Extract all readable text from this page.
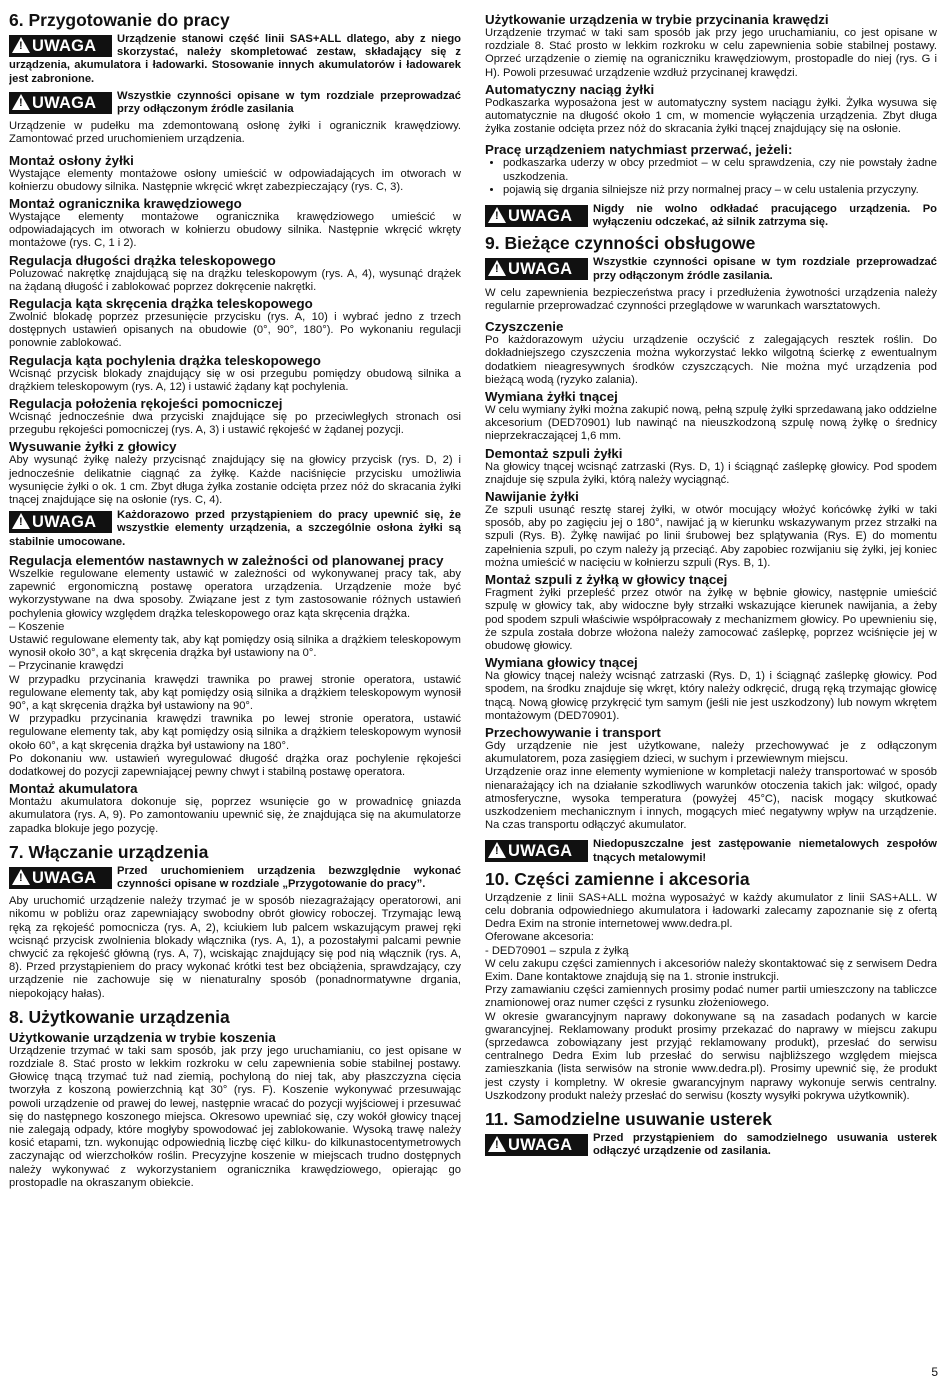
6. Przygotowanie do pracy
!
UWAGA	Urządzenie stanowi część linii SAS+ALL dlatego, aby z niego skorzystać, należy skompletować zestaw, składający się z urządzenia, akumulatora i ładowarki. Stosowanie innych akumulatorów i ładowarek jest zabronione.

!
UWAGA	Wszystkie czynności opisane w tym rozdziale przeprowadzać przy odłączonym źródle zasilania

Urządzenie w pudełku ma zdemontowaną osłonę żyłki i ogranicznik krawędziowy. Zamontować przed uruchomieniem urządzenia.

Montaż osłony żyłki

Wystające elementy montażowe osłony umieścić w odpowiadających im otworach w kołnierzu obudowy silnika. Następnie wkręcić wkręt zabezpieczający (rys. C, 3).

Montaż ogranicznika krawędziowego

Wystające elementy montażowe ogranicznika krawędziowego umieścić w odpowiadających im otworach w kołnierzu obudowy silnika. Następnie wkręcić wkręty montażowe (rys. C, 1 i 2).

Regulacja długości drążka teleskopowego

Poluzować nakrętkę znajdującą się na drążku teleskopowym (rys. A, 4), wysunąć drążek na żądaną długość i zablokować poprzez dokręcenie nakrętki.

Regulacja kąta skręcenia drążka teleskopowego

Zwolnić blokadę poprzez przesunięcie przycisku (rys. A, 10) i wybrać jedno z trzech dostępnych ustawień opisanych na obudowie (0°, 90°, 180°). Po wykonaniu regulacji ponownie zablokować.

Regulacja kąta pochylenia drążka teleskopowego

Wcisnąć przycisk blokady znajdujący się w osi przegubu pomiędzy obudową silnika a drążkiem teleskopowym (rys. A, 12) i ustawić żądany kąt pochylenia.

Regulacja położenia rękojeści pomocniczej

Wcisnąć jednocześnie dwa przyciski znajdujące się po przeciwległych stronach osi przegubu rękojeści pomocniczej (rys. A, 3) i ustawić rękojeść w żądanej pozycji.

Wysuwanie żyłki z głowicy

Aby wysunąć żyłkę należy przycisnąć znajdujący się na głowicy przycisk (rys. D, 2) i jednocześnie delikatnie ciągnąć za żyłkę. Każde naciśnięcie przycisku umożliwia wysunięcie żyłki o ok. 1 cm. Zbyt długa żyłka zostanie odcięta przez nóż do skracania żyłki tnącej znajdujące się na osłonie (rys. C, 4).

!
UWAGA	Każdorazowo przed przystąpieniem do pracy upewnić się, że wszystkie elementy urządzenia, a szczególnie osłona żyłki są stabilnie umocowane.

Regulacja elementów nastawnych w zależności od planowanej pracy

Wszelkie regulowane elementy ustawić w zależności od wykonywanej pracy tak, aby zapewnić ergonomiczną postawę operatora urządzenia. Urządzenie może być wykorzystywane na dwa sposoby. Związane jest z tym zastosowanie różnych ustawień pochylenia głowicy względem drążka teleskopowego oraz kąta skręcenia drążka.

– Koszenie

Ustawić regulowane elementy tak, aby kąt pomiędzy osią silnika a drążkiem teleskopowym wynosił około 30°, a kąt skręcenia drążka był ustawiony na 0°.

– Przycinanie krawędzi

W przypadku przycinania krawędzi trawnika po prawej stronie operatora, ustawić regulowane elementy tak, aby kąt pomiędzy osią silnika a drążkiem teleskopowym wynosił 90°, a kąt skręcenia drążka był ustawiony na 90°.

W przypadku przycinania krawędzi trawnika po lewej stronie operatora, ustawić regulowane elementy tak, aby kąt pomiędzy osią silnika a drążkiem teleskopowym wynosił około 60°, a kąt skręcenia drążka był ustawiony na 180°.

Po dokonaniu ww. ustawień wyregulować długość drążka oraz pochylenie rękojeści dodatkowej do pozycji zapewniającej pewny chwyt i stabilną postawę operatora.

Montaż akumulatora

Montażu akumulatora dokonuje się, poprzez wsunięcie go w prowadnicę gniazda akumulatora (rys. A, 9). Po zamontowaniu upewnić się, że znajdująca się na akumulatorze zapadka blokuje jego pozycję.

7. Włączanie urządzenia
!
UWAGA	Przed uruchomieniem urządzenia bezwzględnie wykonać czynności opisane w rozdziale „Przygotowanie do pracy”.

Aby uruchomić urządzenie należy trzymać je w sposób niezagrażający operatorowi, ani nikomu w pobliżu oraz zapewniający swobodny obrót głowicy roboczej. Trzymając lewą ręką za rękojeść pomocnicza (rys. A, 2), kciukiem lub palcem wskazującym prawej ręki wcisnąć przycisk zwolnienia blokady włącznika (rys. A, 1), a pozostałymi palcami pewnie chwycić za rękojeść główną (rys. A, 7), wciskając znajdujący się pod nią włącznik (rys. A, 8). Przed przystąpieniem do pracy wykonać krótki test bez obciążenia, sprawdzający, czy urządzenie nie zachowuje się w nienaturalny sposób (ponadnormatywne drgania, niepokojący hałas).

8. Użytkowanie urządzenia
Użytkowanie urządzenia w trybie koszenia

Urządzenie trzymać w taki sam sposób, jak przy jego uruchamianiu, co jest opisane w rozdziale 8. Stać prosto w lekkim rozkroku w celu zapewnienia sobie stabilnej postawy. Głowicę tnącą trzymać tuż nad ziemią, pochyloną do niej tak, aby płaszczyzna cięcia tworzyła z koszoną powierzchnią kąt 30° (rys. F). Koszenie wykonywać przesuwając powoli urządzenie od prawej do lewej, następnie wracać do pozycji wyjściowej i przesuwać się do następnego koszonego miejsca. Okresowo upewniać się, czy wokół głowicy tnącej nie zalegają odpady, które mogłyby spowodować jej zablokowanie. Wysoką trawę należy kosić etapami, tzn. wykonując odpowiednią liczbę cięć kilku- do kilkunastocentymetrowych zaczynając od wierzchołków roślin. Precyzyjne koszenie w miejscach trudno dostępnych należy wykonywać z wykorzystaniem ogranicznika krawędziowego, opierając go prostopadle na okraszanym obiekcie.

Użytkowanie urządzenia w trybie przycinania krawędzi

Urządzenie trzymać w taki sam sposób jak przy jego uruchamianiu, co jest opisane w rozdziale 8. Stać prosto w lekkim rozkroku w celu zapewnienia sobie stabilnej postawy. Oprzeć urządzenie o ziemię na ograniczniku krawędziowym, prostopadle do niej (rys. G i H). Powoli przesuwać urządzenie wzdłuż przycinanej krawędzi.

Automatyczny naciąg żyłki

Podkaszarka wyposażona jest w automatyczny system naciągu żyłki. Żyłka wysuwa się automatycznie na długość około 1 cm, w momencie wyłączenia urządzenia. Zbyt długa żyłka zostanie odcięta przez nóż do skracania żyłki tnącej znajdujący się na osłonie.

Pracę urządzeniem natychmiast przerwać, jeżeli:
• podkaszarka uderzy w obcy przedmiot – w celu sprawdzenia, czy nie powstały żadne uszkodzenia.
• pojawią się drgania silniejsze niż przy normalnej pracy – w celu ustalenia przyczyny.
!
UWAGA	Nigdy nie wolno odkładać pracującego urządzenia. Po wyłączeniu odczekać, aż silnik zatrzyma się.

9. Bieżące czynności obsługowe
!
UWAGA	Wszystkie czynności opisane w tym rozdziale przeprowadzać przy odłączonym źródle zasilania.

W celu zapewnienia bezpieczeństwa pracy i przedłużenia żywotności urządzenia należy regularnie przeprowadzać czynności przeglądowe w warunkach warsztatowych.

Czyszczenie

Po każdorazowym użyciu urządzenie oczyścić z zalegających resztek roślin. Do dokładniejszego czyszczenia można wykorzystać lekko wilgotną ścierkę z ewentualnym dodatkiem nieagresywnych środków czyszczących. Nie można myć urządzenia pod bieżącą wodą (ryzyko zalania).

Wymiana żyłki tnącej

W celu wymiany żyłki można zakupić nową, pełną szpulę żyłki sprzedawaną jako oddzielne akcesorium (DED70901) lub nawinąć na nieuszkodzoną szpulę nową żyłkę o średnicy nieprzekraczającej 1,6 mm.

Demontaż szpuli żyłki

Na głowicy tnącej wcisnąć zatrzaski (Rys. D, 1) i ściągnąć zaślepkę głowicy. Pod spodem znajduje się szpula żyłki, którą należy wyciągnąć.

Nawijanie żyłki

Ze szpuli usunąć resztę starej żyłki, w otwór mocujący włożyć końcówkę żyłki w taki sposób, aby po zagięciu jej o 180°, nawijać ją w kierunku wskazywanym przez strzałki na szpuli (Rys. B). Żyłkę nawijać po linii śrubowej bez splątywania (Rys. E) do momentu zapełnienia szpuli, po czym należy ją przeciąć. Aby zapobiec rozwijaniu się żyłki, jej koniec można umieścić w nacięciu w kołnierzu szpuli (Rys. B, 1).

Montaż szpuli z żyłką w głowicy tnącej

Fragment żyłki przepleść przez otwór na żyłkę w bębnie głowicy, następnie umieścić szpulę w głowicy tak, aby widoczne były strzałki wskazujące kierunek nawijania, a żeby pod spodem szpuli właściwie współpracowały z mechanizmem głowicy. Po upewnieniu się, że szpula została dobrze włożona należy zamocować zaślepkę, poprzez wciśnięcie jej w obudowę głowicy.

Wymiana głowicy tnącej

Na głowicy tnącej należy wcisnąć zatrzaski (Rys. D, 1) i ściągnąć zaślepkę głowicy. Pod spodem, na środku znajduje się wkręt, który należy odkręcić, drugą ręką trzymając głowicę tnącą. Nową głowicę przykręcić tym samym (jeśli nie jest uszkodzony) lub nowym wkrętem montażowym (DED70901).

Przechowywanie i transport

Gdy urządzenie nie jest użytkowane, należy przechowywać je z odłączonym akumulatorem, poza zasięgiem dzieci, w suchym i przewiewnym miejscu.

Urządzenie oraz inne elementy wymienione w kompletacji należy transportować w sposób nienarażający ich na działanie szkodliwych warunków otoczenia takich jak: wilgoć, opady atmosferyczne, wysoka temperatura (powyżej 45°C), nacisk mogący skutkować uszkodzeniem mechanicznym i innych, mogących mieć negatywny wpływ na urządzenie. Na czas transportu odłączyć akumulator.

!
UWAGA	Niedopuszczalne jest zastępowanie niemetalowych zespołów tnących metalowymi!

10. Części zamienne i akcesoria

Urządzenie z linii SAS+ALL można wyposażyć w każdy akumulator z linii SAS+ALL. W celu dobrania odpowiedniego akumulatora i ładowarki zalecamy zapoznanie się z ofertą Dedra Exim na stronie internetowej www.dedra.pl.

Oferowane akcesoria:

- DED70901 – szpula z żyłką

W celu zakupu części zamiennych i akcesoriów należy skontaktować się z serwisem Dedra Exim. Dane kontaktowe znajdują się na 1. stronie instrukcji.

Przy zamawianiu części zamiennych prosimy podać numer partii umieszczony na tabliczce znamionowej oraz numer części z rysunku złożeniowego.

W okresie gwarancyjnym naprawy dokonywane są na zasadach podanych w karcie gwarancyjnej. Reklamowany produkt prosimy przekazać do naprawy w miejscu zakupu (sprzedawca zobowiązany jest przyjąć reklamowany produkt), przesłać do serwisu centralnego Dedra Exim lub przesłać do serwisu najbliższego względem miejsca zamieszkania (lista serwisów na stronie www.dedra.pl). Prosimy upewnić się, że produkt jest czysty i kompletny. W okresie gwarancyjnym naprawy wykonuje serwis centralny. Uszkodzony produkt należy przesłać do serwisu (koszty wysyłki pokrywa użytkownik).

11. Samodzielne usuwanie usterek
!
UWAGA	Przed przystąpieniem do samodzielnego usuwania usterek odłączyć urządzenie od zasilania.

5
